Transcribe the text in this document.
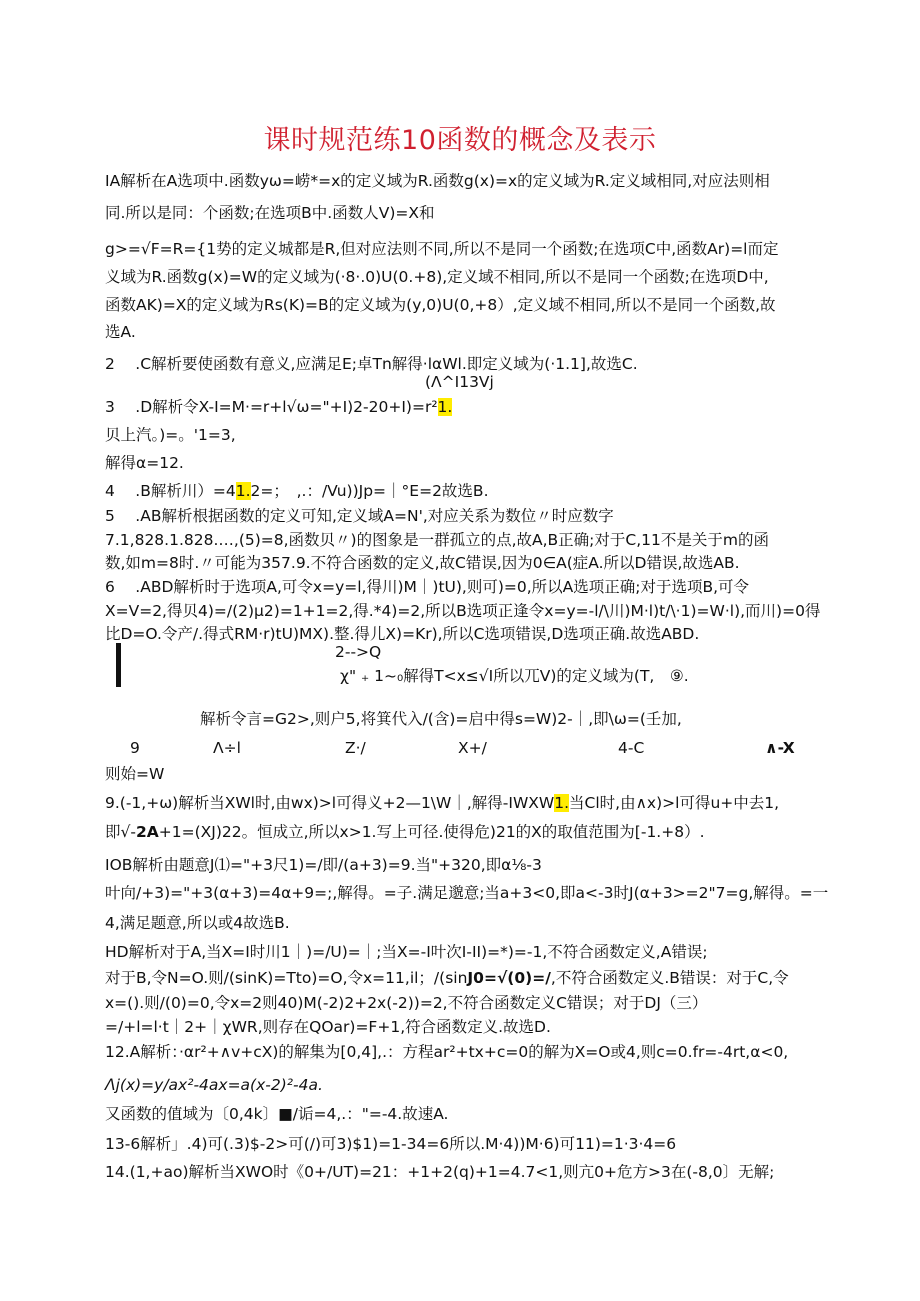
课时规范练10函数的概念及表示
IA解析在A选项中.函数yω=崂*=x的定义域为R.函数g(x)=x的定义域为R.定义域相同,对应法则相
同.所以是同：个函数;在选项B中.函数人V)=X和
g>=√F=R={1势的定义城都是R,但对应法则不同,所以不是同一个函数;在选项C中,函数Ar)=l而定
义域为R.函数g(x)=W的定义域为(·8·.0)U(0.+8),定义域不相同,所以不是同一个函数;在选项D中,
函数AK)=X的定义域为Rs(K)=B的定义域为(y,0)U(0,+8）,定义域不相同,所以不是同一个函数,故
选A.
2 　.C解析要使函数有意义,应满足E;卓Tn解得·lαWl.即定义域为(·1.1],故选C.
(Λ^I13Vj
3 　.D解析令X-I=M·=r+l√ω="+I)2-20+I)=r²1.
贝上汽。)=。'1=3,
解得α=12.
4 　.B解析川）=41.2=；　,.：/Vu))Jp=｜°E=2故选B.
5 　.AB解析根据函数的定义可知,定义域A=N',对应关系为数位〃时应数字
7.1,828.1.828.…,(5)=8,函数贝〃)的图象是一群孤立的点,故A,B正确;对于C,11不是关于m的函
数,如m=8时.〃可能为357.9.不符合函数的定义,故C错误,因为0∈A(症A.所以D错误,故选AB.
6 　.ABD解析时于选项A,可令x=y=l,得川)M｜)tU),则可)=0,所以A选项正确;对于选项B,可令
X=V=2,得贝4)=/(2)μ2)=1+1=2,得.*4)=2,所以B选项正逢令x=y=-l∕\川)M·l)t∕\·1)=W·l),而川)=0得
比D=O.令产/.得式RM·r)tU)MX).整.得儿X)=Kr),所以C选项错误,D选项正确.故选ABD.
2-->Q
χ" ₊ 1~₀解得T<x≤√I所以兀V)的定义域为(T,　⑨.
解析令言=G2>,则户5,将箕代入/(含)=启中得s=W)2-｜,即\ω=(壬加,
9	Λ÷l	Z·/	X+/	4-C	∧-X
则始=W
9.(-1,+ω)解析当XWl时,由wx)>l可得义+2—1\W｜,解得-IWXW1.当Cl时,由∧x)>l可得u+中去1,
即√-2A+1=(XJ)22。恒成立,所以x>1.写上可径.使得危)21的X的取值范围为[-1.+8）.
IOB解析由题意J⑴="+3尺1)=/即/(a+3)=9.当"+320,即α⅛-3
叶向/+3)="+3(α+3)=4α+9=;,解得。=子.满足邈意;当a+3<0,即a<-3时J(α+3>=2"7=g,解得。=一
4,满足题意,所以或4故选B.
HD解析对于A,当X=I时川1｜)=∕U)=｜;当X=-I叶次I-II)=*)=-1,不符合函数定义,A错误;
对于B,令N=O.则/(sinK)=Tto)=O,令x=11,il；/(sinJ0=√(0)=/,不符合函数定义.B错误：对于C,令
x=().则/(0)=0,令x=2则40)M(-2)2+2x(-2))=2,不符合函数定义C错误；对于DJ（三）
=/+l=l·t｜2+｜χWR,则存在QOar)=F+1,符合函数定义.故选D.
12.A解析：·αr²+∧v+cX)的解集为[0,4],.：方程ar²+tx+c=0的解为X=O或4,则c=0.fr=-4rt,α<0,
Λj(x)=y∕ax²-4ax=a(x-2)²-4a.
又函数的值域为〔0,4k〕■/诟=4,.："=-4.故速A.
13-6解析」.4)可(.3)$-2>可(/)可3)$1)=1-34=6所以.M·4))M·6)可11)=1·3·4=6
14.(1,+ao)解析当XWO时《0+/UT)=21：+1+2(q)+1=4.7<1,则亢0+危方>3在(-8,0〕无解;
